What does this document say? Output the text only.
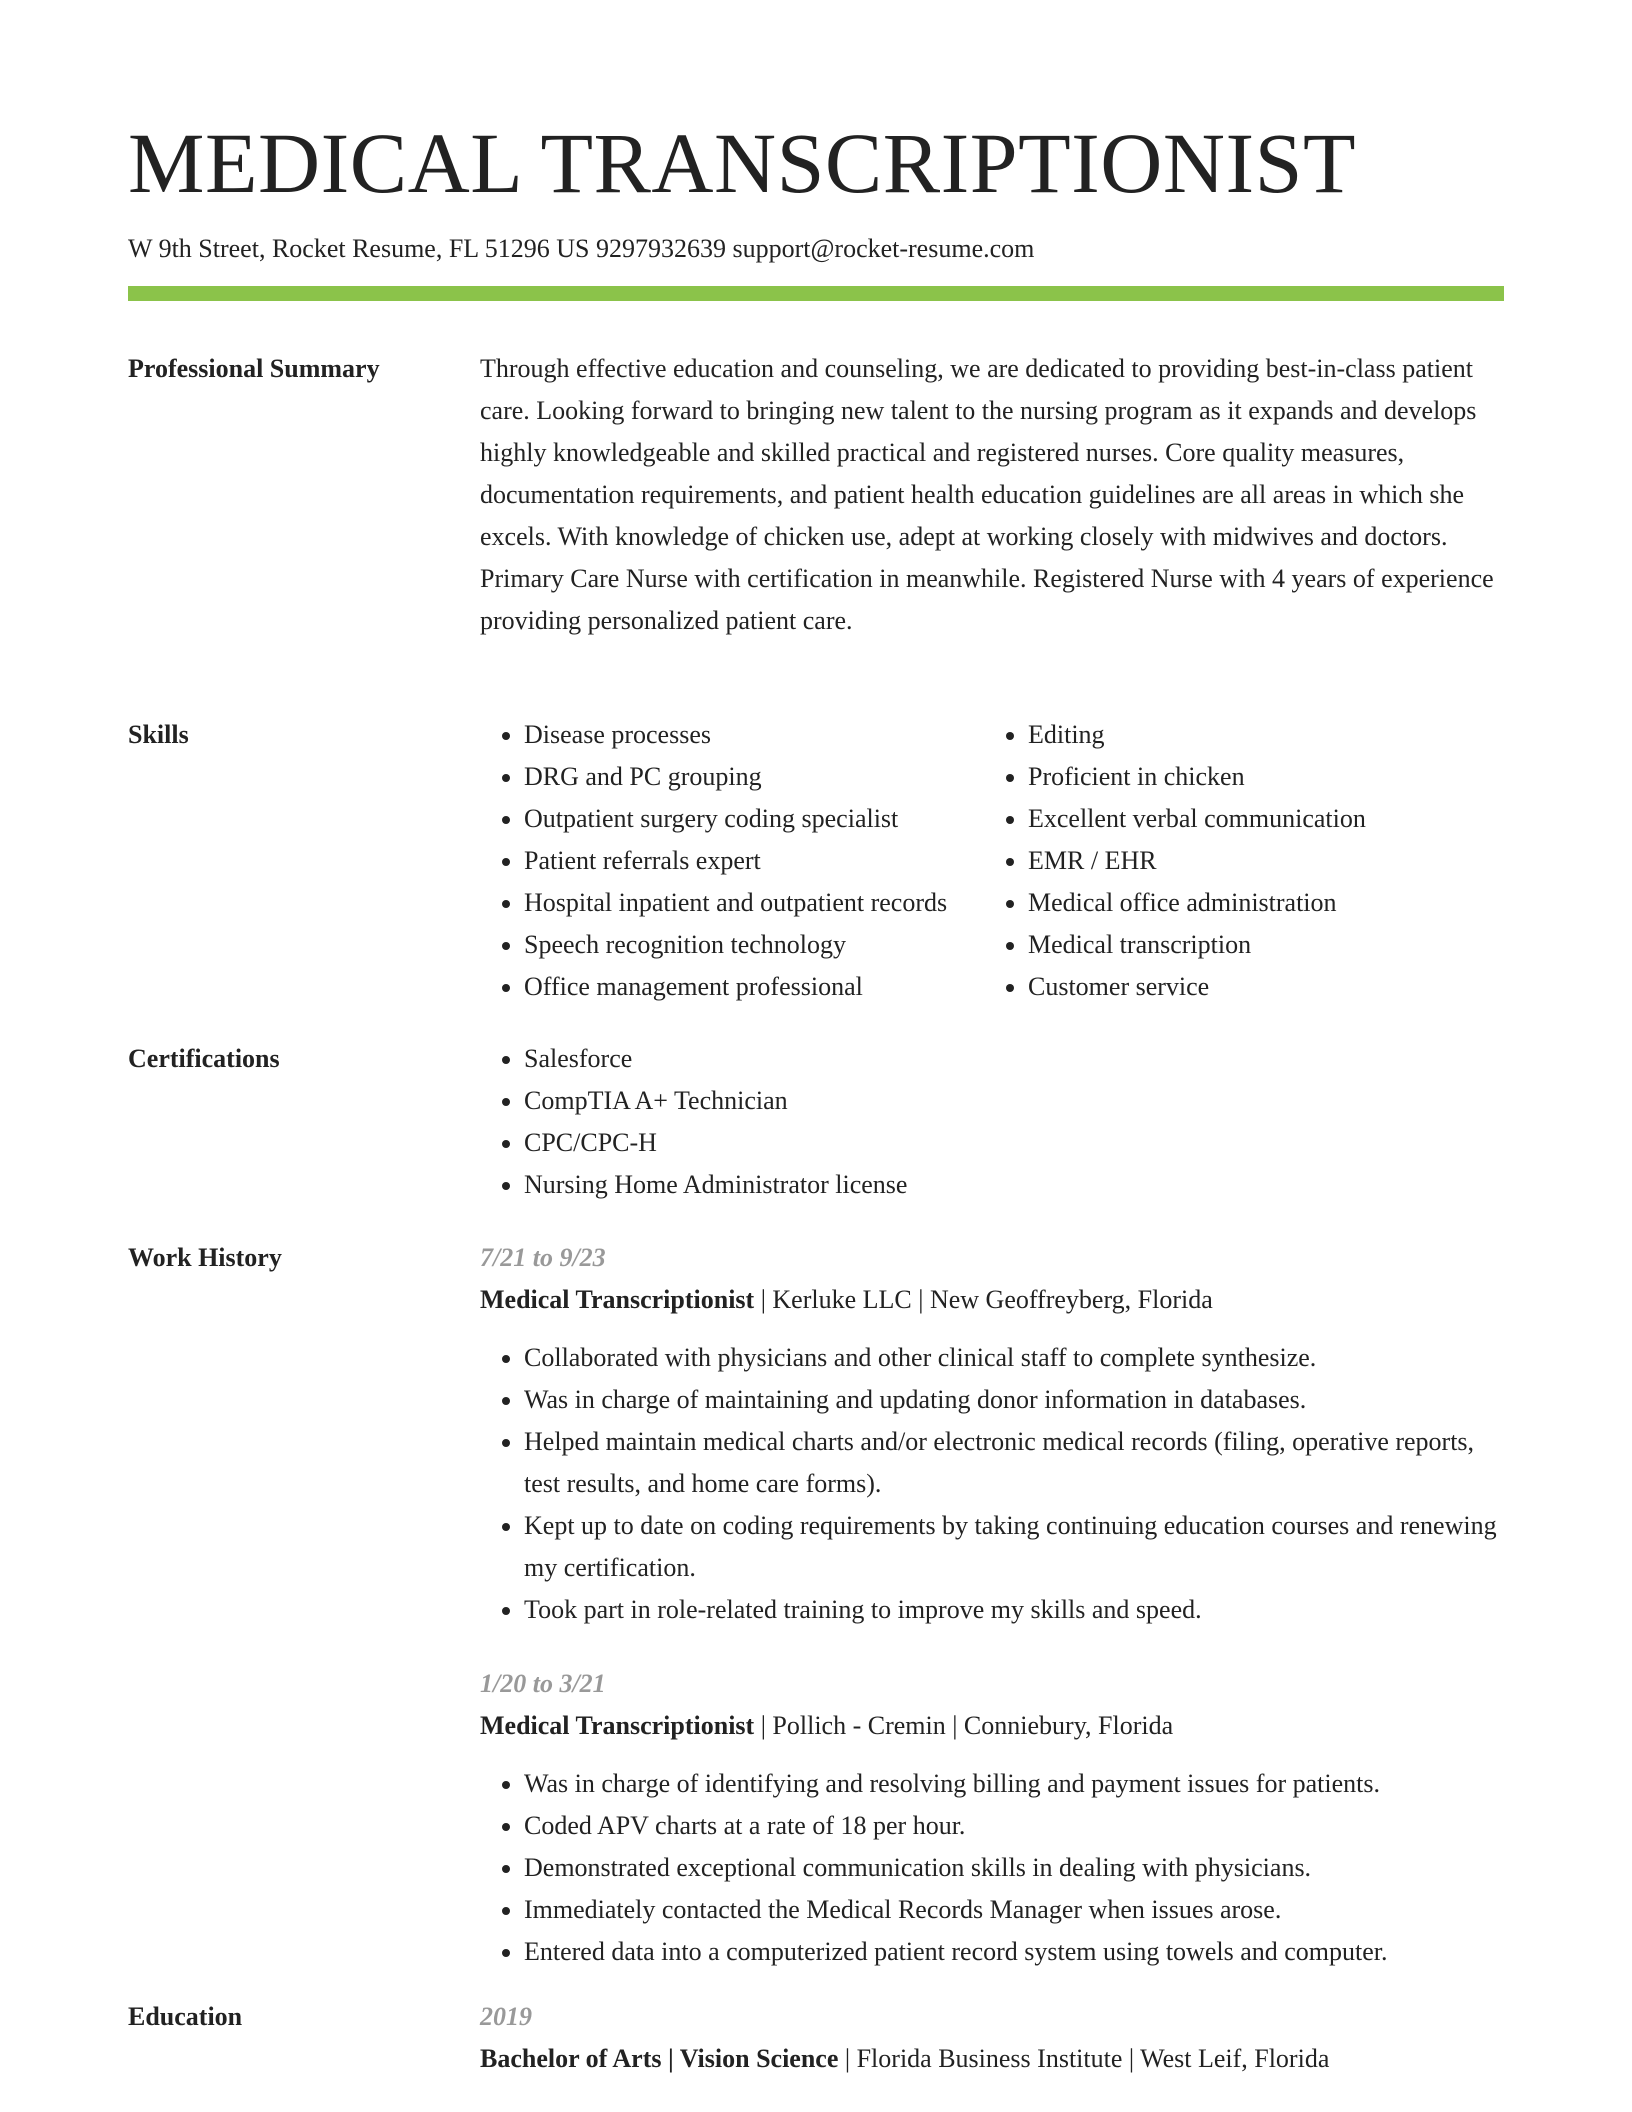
MEDICAL TRANSCRIPTIONIST
W 9th Street, Rocket Resume, FL 51296 US 9297932639 support@rocket-resume.com
Professional Summary	Through effective education and counseling, we are dedicated to providing best-in-class patient care. Looking forward to bringing new talent to the nursing program as it expands and develops highly knowledgeable and skilled practical and registered nurses. Core quality measures, documentation requirements, and patient health education guidelines are all areas in which she excels. With knowledge of chicken use, adept at working closely with midwives and doctors. Primary Care Nurse with certification in meanwhile. Registered Nurse with 4 years of experience providing personalized patient care.

Skills	• Disease processes
• DRG and PC grouping
• Outpatient surgery coding specialist
• Patient referrals expert
• Hospital inpatient and outpatient records
• Speech recognition technology
• Office management professional
• Editing
• Proficient in chicken
• Excellent verbal communication
• EMR / EHR
• Medical office administration
• Medical transcription
• Customer service
Certifications	• Salesforce
• CompTIA A+ Technician
• CPC/CPC-H
• Nursing Home Administrator license
Work History	7/21 to 9/23

Medical Transcriptionist | Kerluke LLC | New Geoffreyberg, Florida

• Collaborated with physicians and other clinical staff to complete synthesize.
• Was in charge of maintaining and updating donor information in databases.
• Helped maintain medical charts and/or electronic medical records (filing, operative reports, test results, and home care forms).
• Kept up to date on coding requirements by taking continuing education courses and renewing my certification.
• Took part in role-related training to improve my skills and speed.

1/20 to 3/21

Medical Transcriptionist | Pollich - Cremin | Conniebury, Florida

• Was in charge of identifying and resolving billing and payment issues for patients.
• Coded APV charts at a rate of 18 per hour.
• Demonstrated exceptional communication skills in dealing with physicians.
• Immediately contacted the Medical Records Manager when issues arose.
• Entered data into a computerized patient record system using towels and computer.
Education	2019

Bachelor of Arts | Vision Science | Florida Business Institute | West Leif, Florida
